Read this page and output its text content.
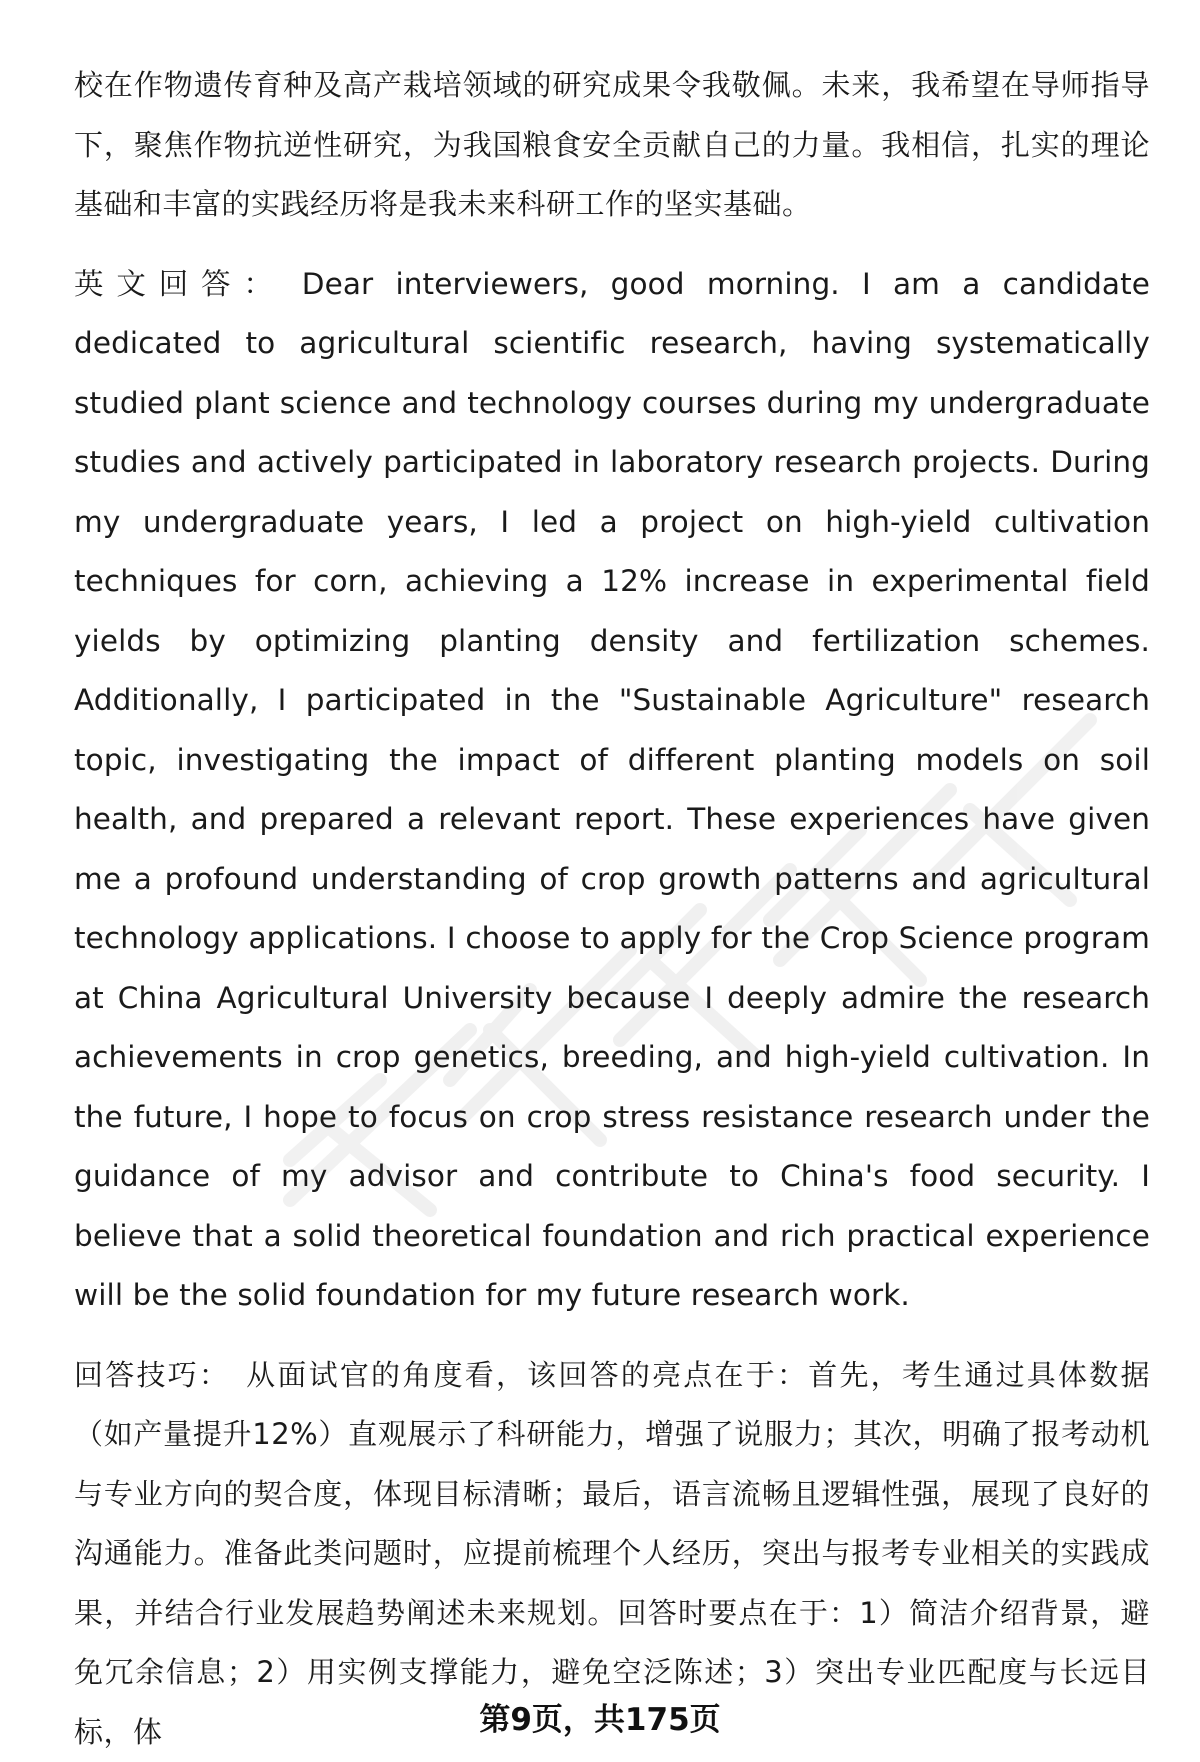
校在作物遗传育种及高产栽培领域的研究成果令我敬佩。未来，我希望在导师指导下，聚焦作物抗逆性研究，为我国粮食安全贡献自己的力量。我相信，扎实的理论基础和丰富的实践经历将是我未来科研工作的坚实基础。

英文回答： Dear interviewers, good morning. I am a candidate dedicated to agricultural scientific research, having systematically studied plant science and technology courses during my undergraduate studies and actively participated in laboratory research projects. During my undergraduate years, I led a project on high-yield cultivation techniques for corn, achieving a 12% increase in experimental field yields by optimizing planting density and fertilization schemes. Additionally, I participated in the "Sustainable Agriculture" research topic, investigating the impact of different planting models on soil health, and prepared a relevant report. These experiences have given me a profound understanding of crop growth patterns and agricultural technology applications. I choose to apply for the Crop Science program at China Agricultural University because I deeply admire the research achievements in crop genetics, breeding, and high-yield cultivation. In the future, I hope to focus on crop stress resistance research under the guidance of my advisor and contribute to China's food security. I believe that a solid theoretical foundation and rich practical experience will be the solid foundation for my future research work.

回答技巧： 从面试官的角度看，该回答的亮点在于：首先，考生通过具体数据（如产量提升12%）直观展示了科研能力，增强了说服力；其次，明确了报考动机与专业方向的契合度，体现目标清晰；最后，语言流畅且逻辑性强，展现了良好的沟通能力。准备此类问题时，应提前梳理个人经历，突出与报考专业相关的实践成果，并结合行业发展趋势阐述未来规划。回答时要点在于：1）简洁介绍背景，避免冗余信息；2）用实例支撑能力，避免空泛陈述；3）突出专业匹配度与长远目标，体	第9页，共175页
